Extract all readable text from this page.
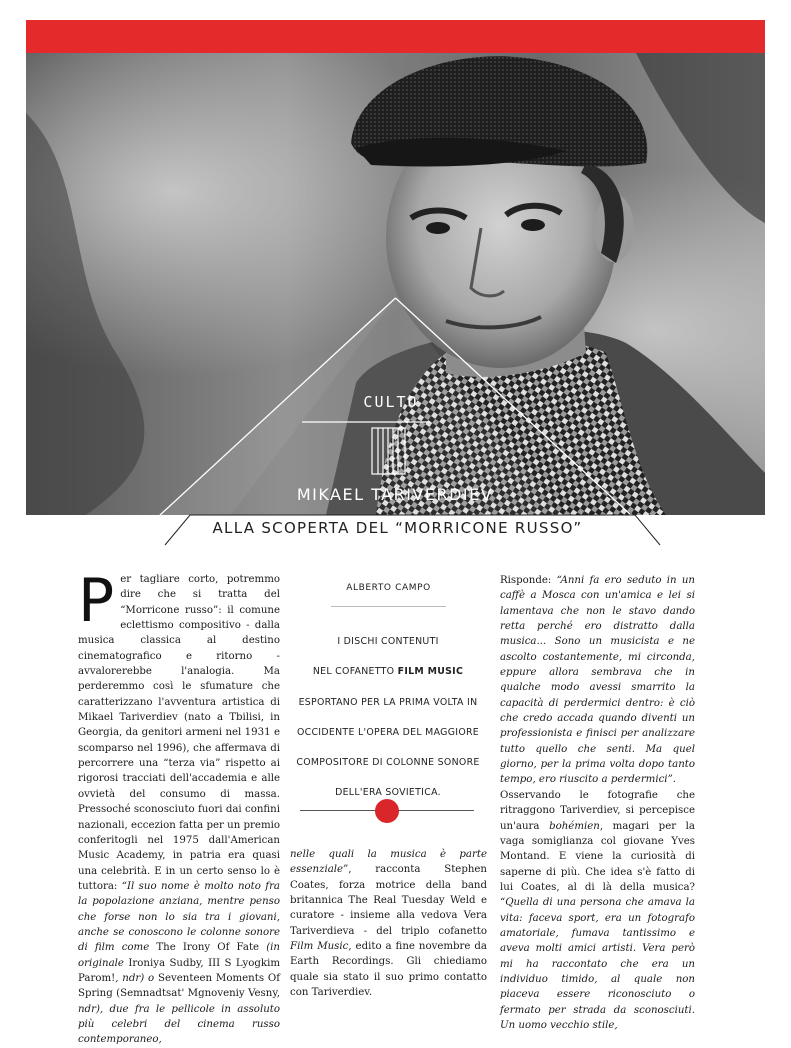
CULTO
MIKAEL TARIVERDIEV
ALLA SCOPERTA DEL “MORRICONE RUSSO”

Per tagliare corto, potremmo dire che si tratta del “Morricone russo”: il comune eclettismo compositivo - dalla musica classica al destino cinematografico e ritorno - avvalorerebbe l'analogia. Ma perderemmo così le sfumature che caratterizzano l'avventura artistica di Mikael Tariverdiev (nato a Tbilisi, in Georgia, da genitori armeni nel 1931 e scomparso nel 1996), che affermava di percorrere una “terza via” rispetto ai rigorosi tracciati dell'accademia e alle ovvietà del consumo di massa. Pressoché sconosciuto fuori dai confini nazionali, eccezion fatta per un premio conferitogli nel 1975 dall'American Music Academy, in patria era quasi una celebrità. E in un certo senso lo è tuttora: “Il suo nome è molto noto fra la popolazione anziana, mentre penso che forse non lo sia tra i giovani, anche se conoscono le colonne sonore di film come The Irony Of Fate (in originale Ironiya Sudby, III S Lyogkim Parom!, ndr) o Seventeen Moments Of Spring (Semnadtsat' Mgnoveniy Vesny, ndr), due fra le pellicole in assoluto più celebri del cinema russo contemporaneo,

ALBERTO CAMPO
I DISCHI CONTENUTI
NEL COFANETTO FILM MUSIC
ESPORTANO PER LA PRIMA VOLTA IN
OCCIDENTE L'OPERA DEL MAGGIORE
COMPOSITORE DI COLONNE SONORE
DELL'ERA SOVIETICA.

nelle quali la musica è parte essenziale”, racconta Stephen Coates, forza motrice della band britannica The Real Tuesday Weld e curatore - insieme alla vedova Vera Tariverdieva - del triplo cofanetto Film Music, edito a fine novembre da Earth Recordings. Gli chiediamo quale sia stato il suo primo contatto con Tariverdiev.

Risponde: “Anni fa ero seduto in un caffè a Mosca con un'amica e lei si lamentava che non le stavo dando retta perché ero distratto dalla musica... Sono un musicista e ne ascolto costantemente, mi circonda, eppure allora sembrava che in qualche modo avessi smarrito la capacità di perdermici dentro: è ciò che credo accada quando diventi un professionista e finisci per analizzare tutto quello che senti. Ma quel giorno, per la prima volta dopo tanto tempo, ero riuscito a perdermici”.

Osservando le fotografie che ritraggono Tariverdiev, si percepisce un'aura bohémien, magari per la vaga somiglianza col giovane Yves Montand. E viene la curiosità di saperne di più. Che idea s'è fatto di lui Coates, al di là della musica? “Quella di una persona che amava la vita: faceva sport, era un fotografo amatoriale, fumava tantissimo e aveva molti amici artisti. Vera però mi ha raccontato che era un individuo timido, al quale non piaceva essere riconosciuto o fermato per strada da sconosciuti. Un uomo vecchio stile,
